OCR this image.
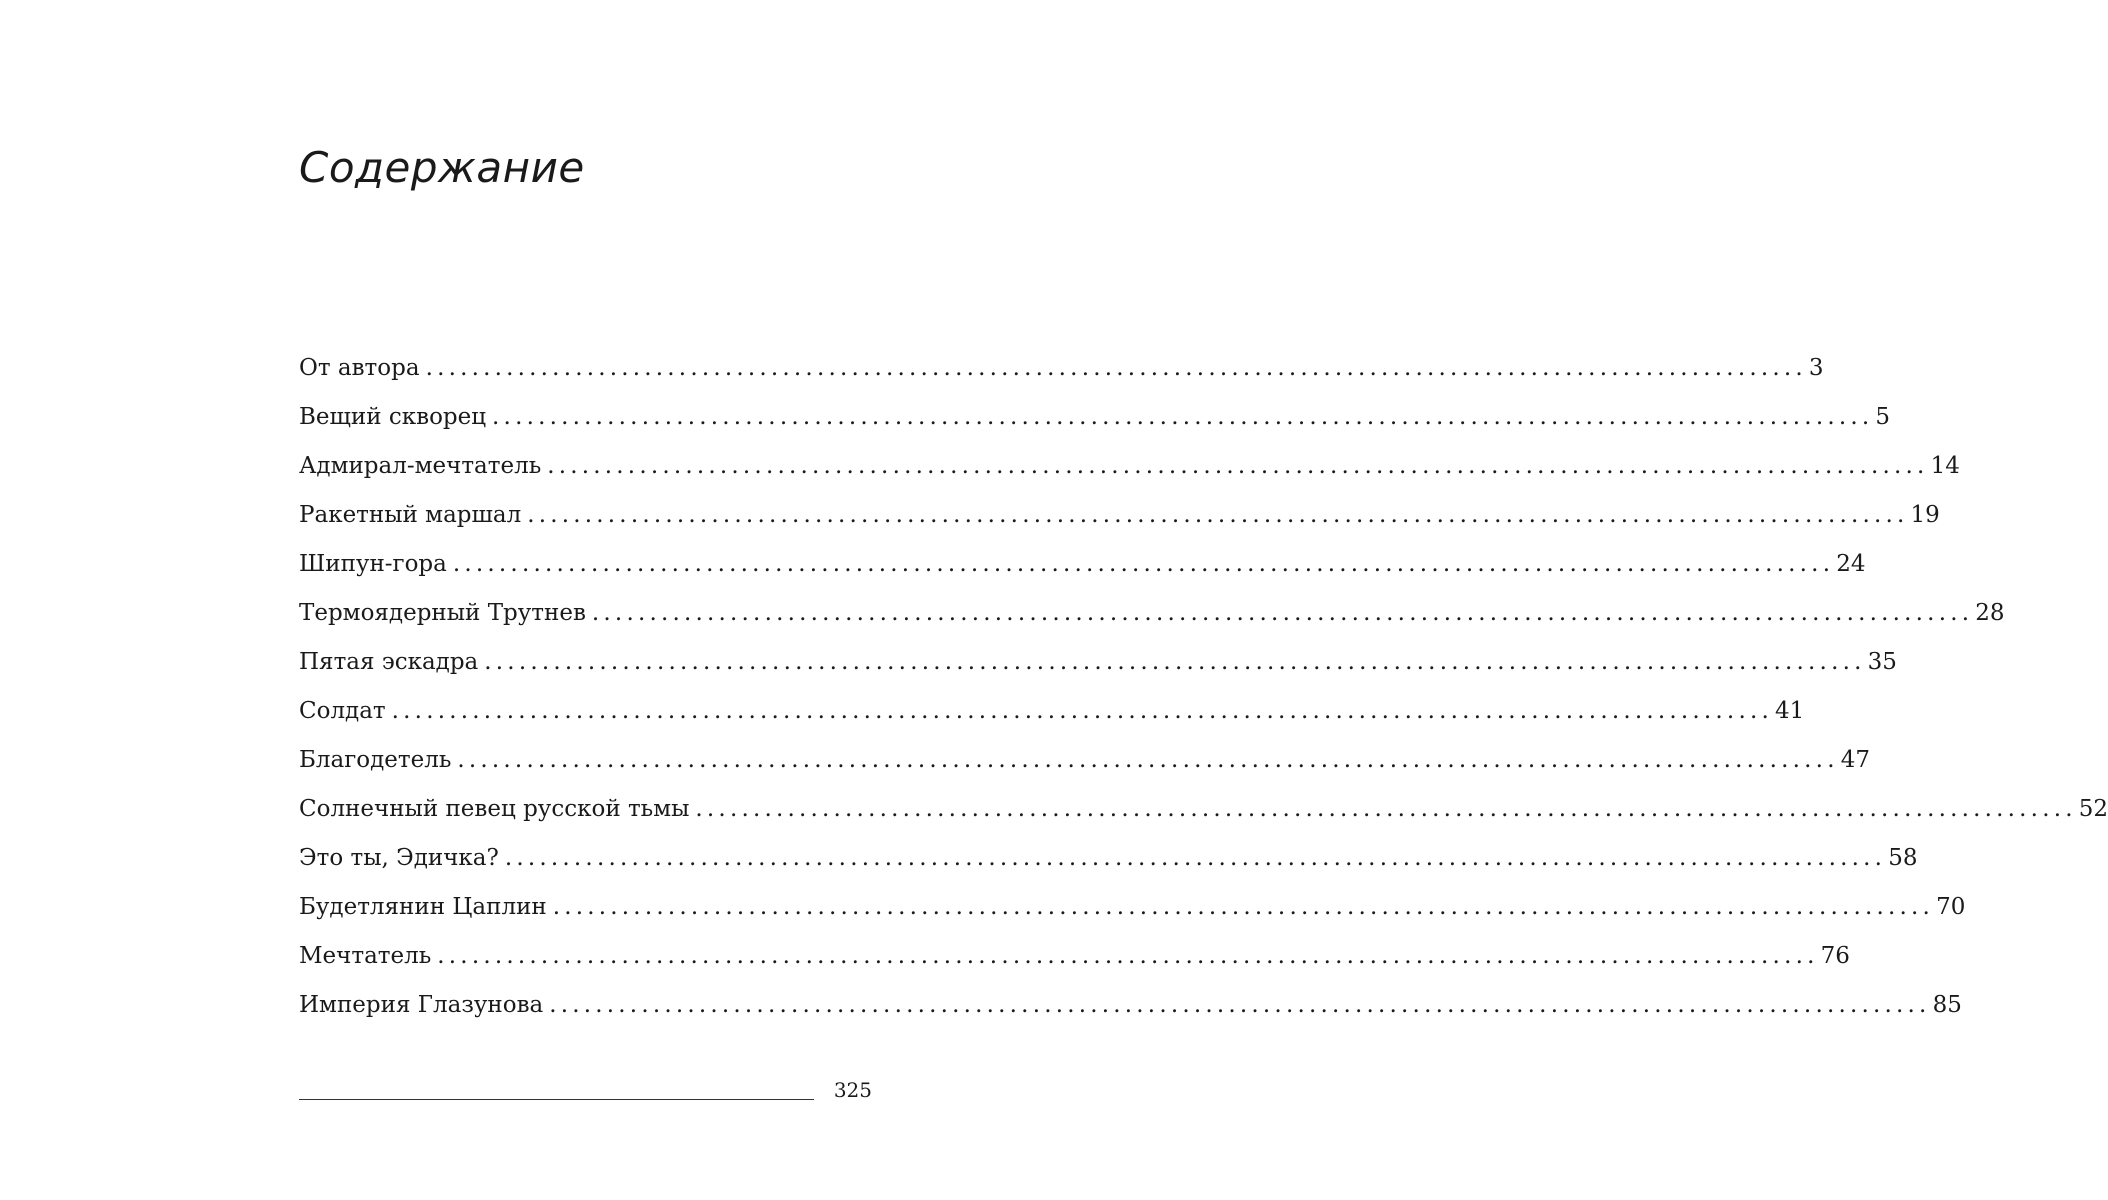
Содержание
От автора ........................................................................................................................ 3
Вещий скворец ........................................................................................................................ 5
Адмирал-мечтатель ........................................................................................................................ 14
Ракетный маршал ........................................................................................................................ 19
Шипун-гора ........................................................................................................................ 24
Термоядерный Трутнев ........................................................................................................................ 28
Пятая эскадра ........................................................................................................................ 35
Солдат ........................................................................................................................ 41
Благодетель ........................................................................................................................ 47
Солнечный певец русской тьмы ........................................................................................................................ 52
Это ты, Эдичка? ........................................................................................................................ 58
Будетлянин Цаплин ........................................................................................................................ 70
Мечтатель ........................................................................................................................ 76
Империя Глазунова ........................................................................................................................ 85
325
